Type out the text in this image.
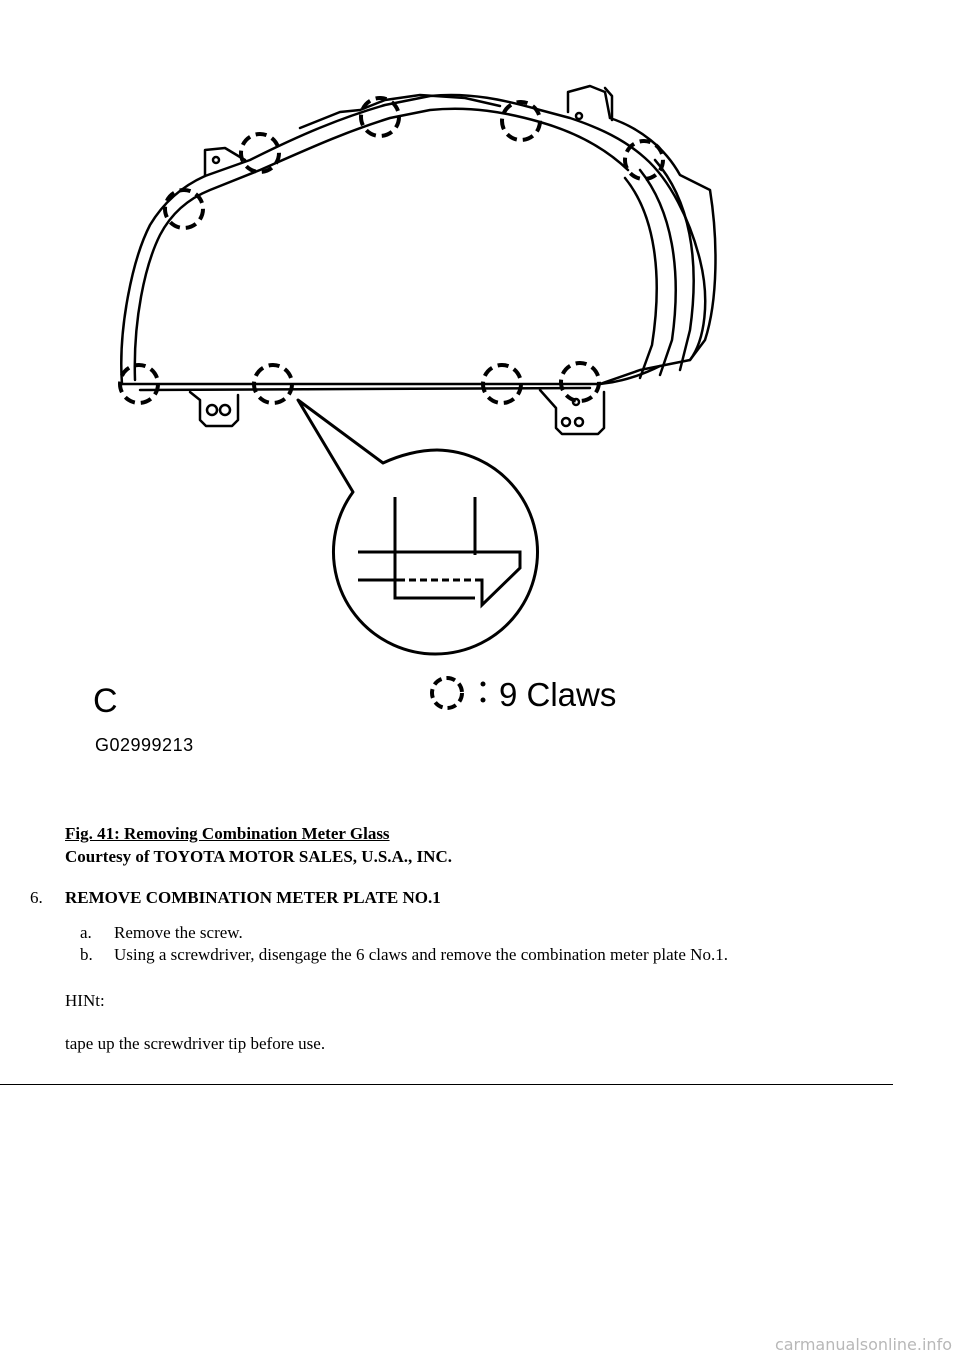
C
G02999213
9 Claws
Fig. 41: Removing Combination Meter Glass
Courtesy of TOYOTA MOTOR SALES, U.S.A., INC.
6. REMOVE COMBINATION METER PLATE NO.1
a. Remove the screw.
b. Using a screwdriver, disengage the 6 claws and remove the combination meter plate No.1.
HINt:
tape up the screwdriver tip before use.
carmanualsonline.info
